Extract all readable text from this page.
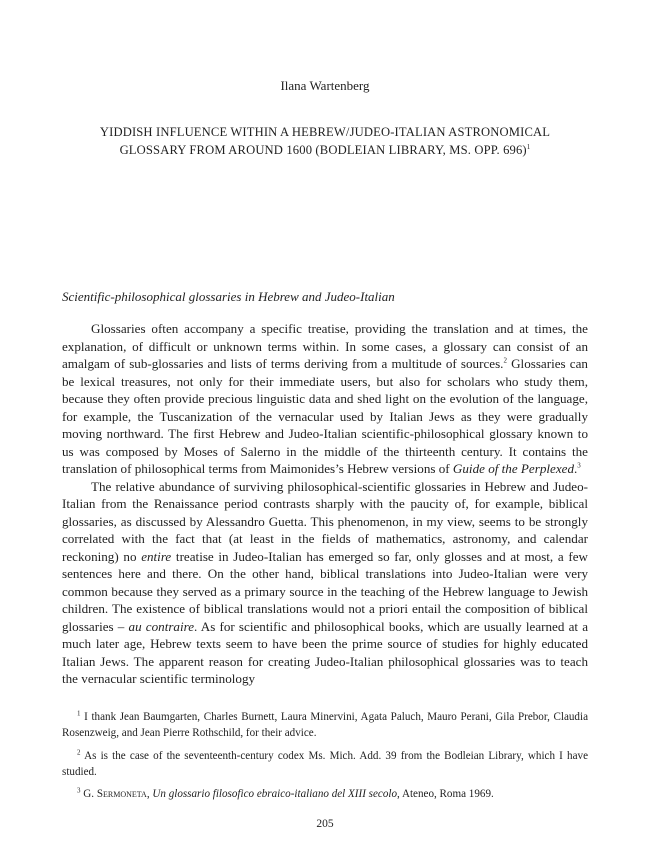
Ilana Wartenberg
YIDDISH INFLUENCE WITHIN A HEBREW/JUDEO-ITALIAN ASTRONOMICAL
GLOSSARY FROM AROUND 1600 (BODLEIAN LIBRARY, MS. OPP. 696)$^1$
Scientific-philosophical glossaries in Hebrew and Judeo-Italian

Glossaries often accompany a specific treatise, providing the translation and at times, the explanation, of difficult or unknown terms within. In some cases, a glossary can consist of an amalgam of sub-glossaries and lists of terms deriving from a multitude of sources.$^2$ Glossaries can be lexical treasures, not only for their immediate users, but also for scholars who study them, because they often provide precious linguistic data and shed light on the evolution of the language, for example, the Tuscanization of the vernacular used by Italian Jews as they were gradually moving northward. The first Hebrew and Judeo-Italian scientific-philosophical glossary known to us was composed by Moses of Salerno in the middle of the thirteenth century. It contains the translation of philosophical terms from Maimonides’s Hebrew versions of Guide of the Perplexed.$^3$

The relative abundance of surviving philosophical-scientific glossaries in Hebrew and Judeo-Italian from the Renaissance period contrasts sharply with the paucity of, for example, biblical glossaries, as discussed by Alessandro Guetta. This phenomenon, in my view, seems to be strongly correlated with the fact that (at least in the fields of mathematics, astronomy, and calendar reckoning) no entire treatise in Judeo-Italian has emerged so far, only glosses and at most, a few sentences here and there. On the other hand, biblical translations into Judeo-Italian were very common because they served as a primary source in the teaching of the Hebrew language to Jewish children. The existence of biblical translations would not a priori entail the composition of biblical glossaries – au contraire. As for scientific and philosophical books, which are usually learned at a much later age, Hebrew texts seem to have been the prime source of studies for highly educated Italian Jews. The apparent reason for creating Judeo-Italian philosophical glossaries was to teach the vernacular scientific terminology

$^1$ I thank Jean Baumgarten, Charles Burnett, Laura Minervini, Agata Paluch, Mauro Perani, Gila Prebor, Claudia Rosenzweig, and Jean Pierre Rothschild, for their advice.

$^2$ As is the case of the seventeenth-century codex Ms. Mich. Add. 39 from the Bodleian Library, which I have studied.

$^3$ G. Sermoneta, Un glossario filosofico ebraico-italiano del XIII secolo, Ateneo, Roma 1969.

205
